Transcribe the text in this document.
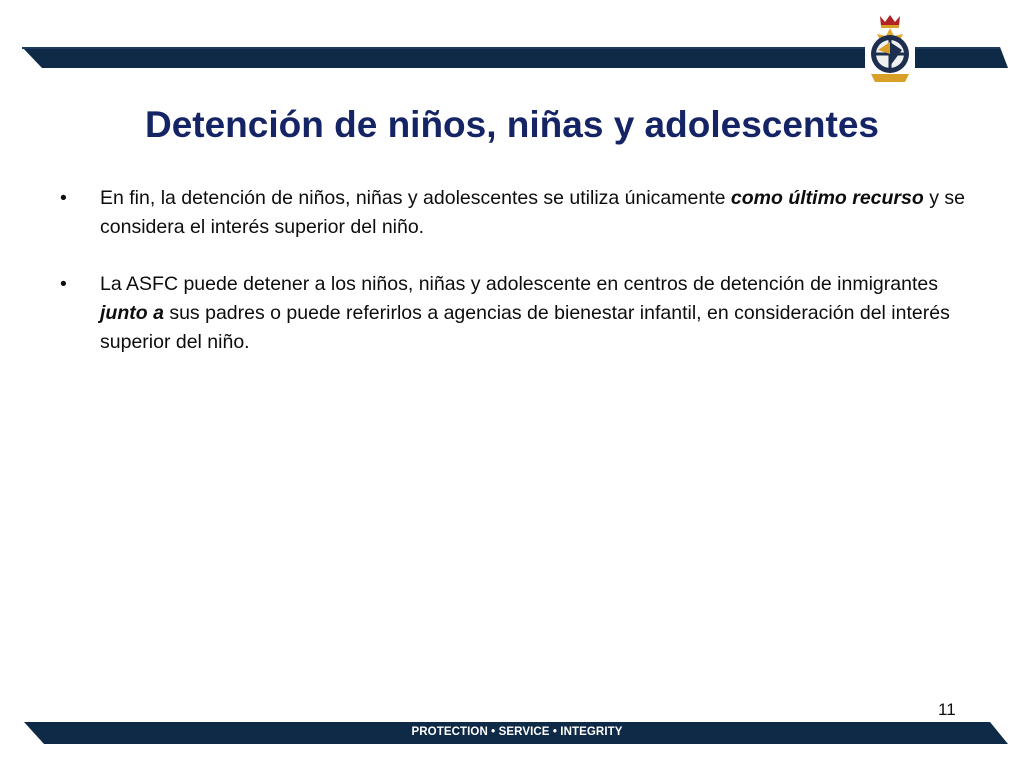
Detención de niños, niñas y adolescentes
• En fin, la detención de niños, niñas y adolescentes se utiliza únicamente como último recurso y se considera el interés superior del niño.
• La ASFC puede detener a los niños, niñas y adolescente en centros de detención de inmigrantes junto a sus padres o puede referirlos a agencias de bienestar infantil, en consideración del interés superior del niño.
11
PROTECTION • SERVICE • INTEGRITY
